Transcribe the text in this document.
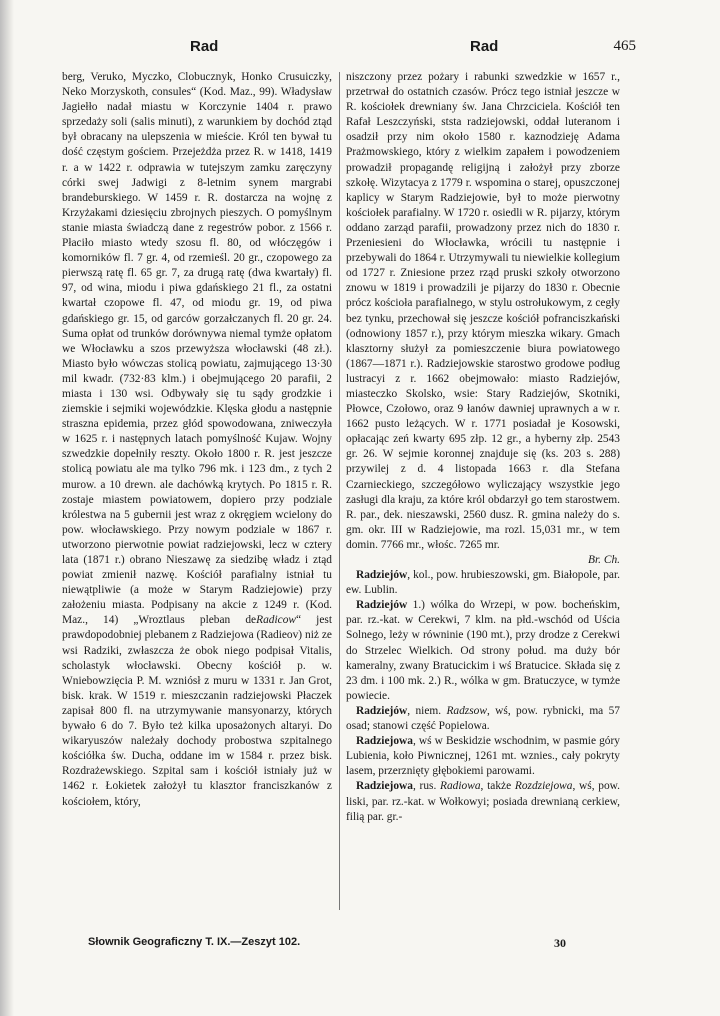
Rad	Rad	465

berg, Veruko, Myczko, Clobucznyk, Honko Crusuiczky, Neko Morzyskoth, consules“ (Kod. Maz., 99). Władysław Jagiełło nadał miastu w Korczynie 1404 r. prawo sprzedaży soli (salis minuti), z warunkiem by dochód ztąd był obracany na ulepszenia w mieście. Król ten bywał tu dość częstym gościem. Przejeżdża przez R. w 1418, 1419 r. a w 1422 r. odprawia w tutejszym zamku zaręczyny córki swej Jadwigi z 8-letnim synem margrabi brandeburskiego. W 1459 r. R. dostarcza na wojnę z Krzyżakami dziesięciu zbrojnych pieszych. O pomyślnym stanie miasta świadczą dane z regestrów pobor. z 1566 r. Płaciło miasto wtedy szosu fl. 80, od włóczęgów i komorników fl. 7 gr. 4, od rzemieśl. 20 gr., czopowego za pierwszą ratę fl. 65 gr. 7, za drugą ratę (dwa kwartały) fl. 97, od wina, miodu i piwa gdańskiego 21 fl., za ostatni kwartał czopowe fl. 47, od miodu gr. 19, od piwa gdańskiego gr. 15, od garców gorzałczanych fl. 20 gr. 24. Suma opłat od trunków dorównywa niemal tymże opłatom we Włocławku a szos przewyższa włocławski (48 zł.). Miasto było wówczas stolicą powiatu, zajmującego 13·30 mil kwadr. (732·83 klm.) i obejmującego 20 parafii, 2 miasta i 130 wsi. Odbywały się tu sądy grodzkie i ziemskie i sejmiki wojewódzkie. Klęska głodu a następnie straszna epidemia, przez głód spowodowana, zniweczyła w 1625 r. i następnych latach pomyślność Kujaw. Wojny szwedzkie dopełniły reszty. Około 1800 r. R. jest jeszcze stolicą powiatu ale ma tylko 796 mk. i 123 dm., z tych 2 murow. a 10 drewn. ale dachówką krytych. Po 1815 r. R. zostaje miastem powiatowem, dopiero przy podziale królestwa na 5 gubernii jest wraz z okręgiem wcielony do pow. włocławskiego. Przy nowym podziale w 1867 r. utworzono pierwotnie powiat radziejowski, lecz w cztery lata (1871 r.) obrano Nieszawę za siedzibę władz i ztąd powiat zmienił nazwę. Kościół parafialny istniał tu niewątpliwie (a może w Starym Radziejowie) przy założeniu miasta. Podpisany na akcie z 1249 r. (Kod. Maz., 14) „Wroztlaus pleban deRadicow“ jest prawdopodobniej plebanem z Radziejowa (Radieov) niż ze wsi Radziki, zwłaszcza że obok niego podpisał Vitalis, scholastyk włocławski. Obecny kościół p. w. Wniebowzięcia P. M. wzniósł z muru w 1331 r. Jan Grot, bisk. krak. W 1519 r. mieszczanin radziejowski Płaczek zapisał 800 fl. na utrzymywanie mansyonarzy, których bywało 6 do 7. Było też kilka uposażonych altaryi. Do wikaryuszów należały dochody probostwa szpitalnego kościółka św. Ducha, oddane im w 1584 r. przez bisk. Rozdrażewskiego. Szpital sam i kościół istniały już w 1462 r. Łokietek założył tu klasztor franciszkanów z kościołem, który,

niszczony przez pożary i rabunki szwedzkie w 1657 r., przetrwał do ostatnich czasów. Prócz tego istniał jeszcze w R. kościołek drewniany św. Jana Chrzciciela. Kościół ten Rafał Leszczyński, ststa radziejowski, oddał luteranom i osadził przy nim około 1580 r. kaznodzieję Adama Prażmowskiego, który z wielkim zapałem i powodzeniem prowadził propagandę religijną i założył przy zborze szkołę. Wizytacya z 1779 r. wspomina o starej, opuszczonej kaplicy w Starym Radziejowie, był to może pierwotny kościołek parafialny. W 1720 r. osiedli w R. pijarzy, którym oddano zarząd parafii, prowadzony przez nich do 1830 r. Przeniesieni do Włocławka, wrócili tu następnie i przebywali do 1864 r. Utrzymywali tu niewielkie kollegium od 1727 r. Zniesione przez rząd pruski szkoły otworzono znowu w 1819 i prowadzili je pijarzy do 1830 r. Obecnie prócz kościoła parafialnego, w stylu ostrołukowym, z cegły bez tynku, przechował się jeszcze kościół pofranciszkański (odnowiony 1857 r.), przy którym mieszka wikary. Gmach klasztorny służył za pomieszczenie biura powiatowego (1867—1871 r.). Radziejowskie starostwo grodowe podług lustracyi z r. 1662 obejmowało: miasto Radziejów, miasteczko Skolsko, wsie: Stary Radziejów, Skotniki, Płowce, Czołowo, oraz 9 łanów dawniej uprawnych a w r. 1662 pusto leżących. W r. 1771 posiadał je Kosowski, opłacając zeń kwarty 695 złp. 12 gr., a hyberny złp. 2543 gr. 26. W sejmie koronnej znajduje się (ks. 203 s. 288) przywilej z d. 4 listopada 1663 r. dla Stefana Czarnieckiego, szczegółowo wyliczający wszystkie jego zasługi dla kraju, za które król obdarzył go tem starostwem. R. par., dek. nieszawski, 2560 dusz. R. gmina należy do s. gm. okr. III w Radziejowie, ma rozl. 15,031 mr., w tem domin. 7766 mr., włośc. 7265 mr.
Br. Ch.

Radziejów, kol., pow. hrubieszowski, gm. Białopole, par. ew. Lublin.

Radziejów 1.) wólka do Wrzepi, w pow. bocheńskim, par. rz.-kat. w Cerekwi, 7 klm. na płd.-wschód od Uścia Solnego, leży w równinie (190 mt.), przy drodze z Cerekwi do Strzelec Wielkich. Od strony połud. ma duży bór kameralny, zwany Bratucickim i wś Bratucice. Składa się z 23 dm. i 100 mk. 2.) R., wólka w gm. Bratuczyce, w tymże powiecie.

Radziejów, niem. Radzsow, wś, pow. rybnicki, ma 57 osad; stanowi część Popielowa.

Radziejowa, wś w Beskidzie wschodnim, w pasmie góry Lubienia, koło Piwnicznej, 1261 mt. wznies., cały pokryty lasem, przerznięty głębokiemi parowami.

Radziejowa, rus. Radiowa, także Rozdziejowa, wś, pow. liski, par. rz.-kat. w Wołkowyi; posiada drewnianą cerkiew, filią par. gr.-

Słownik Geograficzny T. IX.—Zeszyt 102.	30
